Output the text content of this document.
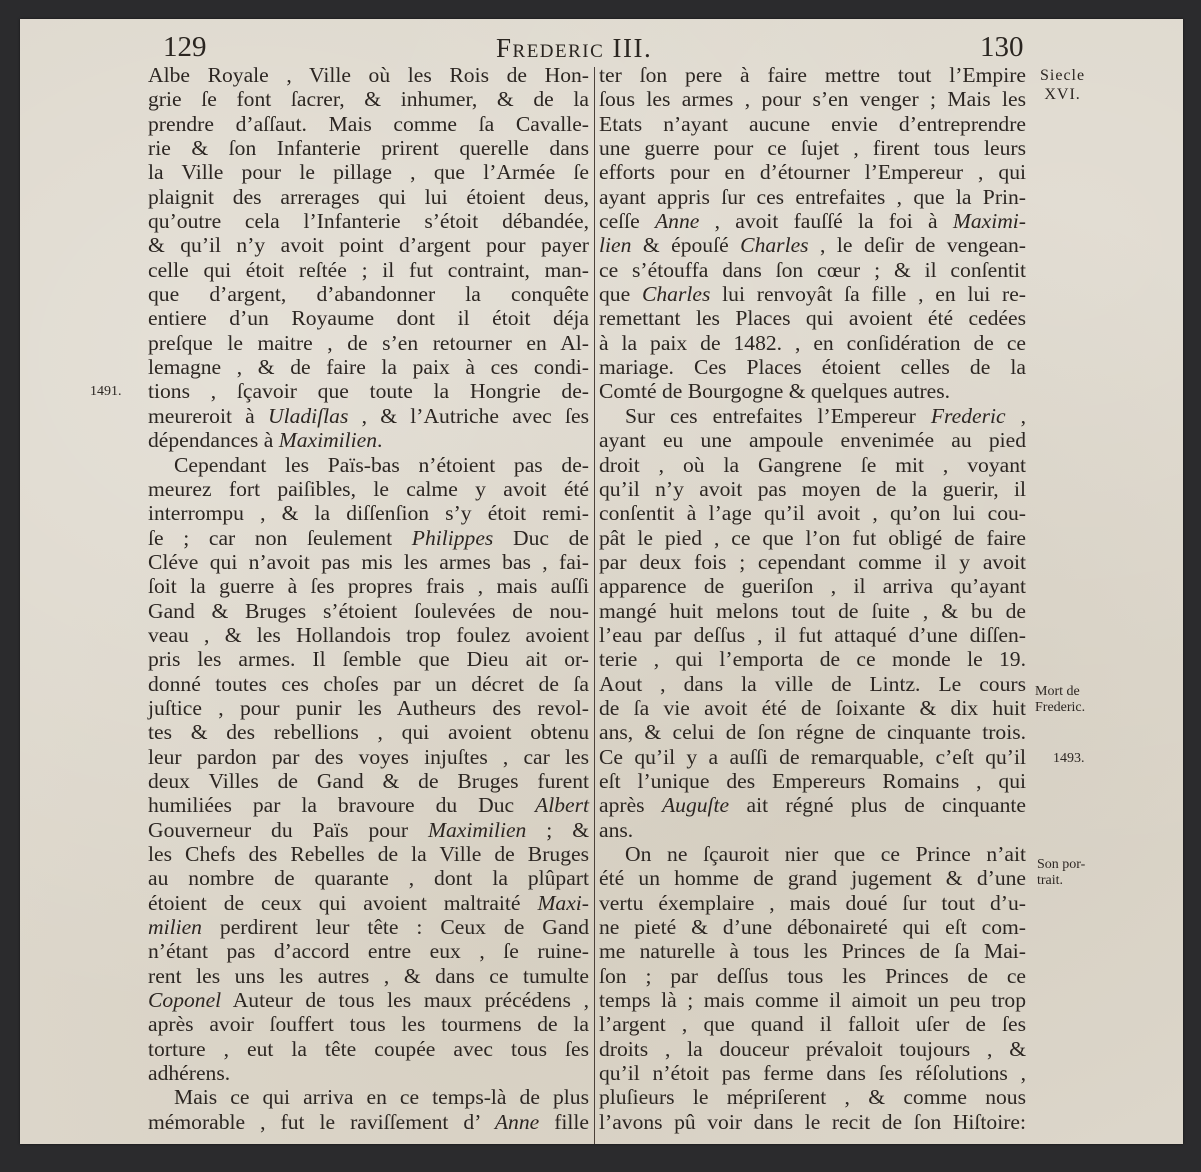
129	Frederic III.	130
Albe Royale , Ville où les Rois de Hon-
grie ſe font ſacrer, & inhumer, & de la
prendre d’aſſaut. Mais comme ſa Cavalle-
rie & ſon Infanterie prirent querelle dans
la Ville pour le pillage , que l’Armée ſe
plaignit des arrerages qui lui étoient deus,
qu’outre cela l’Infanterie s’étoit débandée,
& qu’il n’y avoit point d’argent pour payer
celle qui étoit reſtée ; il fut contraint, man-
que d’argent, d’abandonner la conquête
entiere d’un Royaume dont il étoit déja
preſque le maitre , de s’en retourner en Al-
lemagne , & de faire la paix à ces condi-
tions , ſçavoir que toute la Hongrie de-
meureroit à Uladiſlas , & l’Autriche avec ſes
dépendances à Maximilien.
Cependant les Païs-bas n’étoient pas de-
meurez fort paiſibles, le calme y avoit été
interrompu , & la diſſenſion s’y étoit remi-
ſe ; car non ſeulement Philippes Duc de
Cléve qui n’avoit pas mis les armes bas , fai-
ſoit la guerre à ſes propres frais , mais auſſi
Gand & Bruges s’étoient ſoulevées de nou-
veau , & les Hollandois trop foulez avoient
pris les armes. Il ſemble que Dieu ait or-
donné toutes ces choſes par un décret de ſa
juſtice , pour punir les Autheurs des revol-
tes & des rebellions , qui avoient obtenu
leur pardon par des voyes injuſtes , car les
deux Villes de Gand & de Bruges furent
humiliées par la bravoure du Duc Albert
Gouverneur du Païs pour Maximilien ; &
les Chefs des Rebelles de la Ville de Bruges
au nombre de quarante , dont la plûpart
étoient de ceux qui avoient maltraité Maxi-
milien perdirent leur tête : Ceux de Gand
n’étant pas d’accord entre eux , ſe ruine-
rent les uns les autres , & dans ce tumulte
Coponel Auteur de tous les maux précédens ,
après avoir ſouffert tous les tourmens de la
torture , eut la tête coupée avec tous ſes
adhérens.
Mais ce qui arriva en ce temps-là de plus
mémorable , fut le raviſſement d’ Anne fille
ter ſon pere à faire mettre tout l’Empire
ſous les armes , pour s’en venger ; Mais les
Etats n’ayant aucune envie d’entreprendre
une guerre pour ce ſujet , firent tous leurs
efforts pour en d’étourner l’Empereur , qui
ayant appris ſur ces entrefaites , que la Prin-
ceſſe Anne , avoit fauſſé la foi à Maximi-
lien & épouſé Charles , le deſir de vengean-
ce s’étouffa dans ſon cœur ; & il conſentit
que Charles lui renvoyât ſa fille , en lui re-
remettant les Places qui avoient été cedées
à la paix de 1482. , en conſidération de ce
mariage. Ces Places étoient celles de la
Comté de Bourgogne & quelques autres.
Sur ces entrefaites l’Empereur Frederic ,
ayant eu une ampoule envenimée au pied
droit , où la Gangrene ſe mit , voyant
qu’il n’y avoit pas moyen de la guerir, il
conſentit à l’age qu’il avoit , qu’on lui cou-
pât le pied , ce que l’on fut obligé de faire
par deux fois ; cependant comme il y avoit
apparence de gueriſon , il arriva qu’ayant
mangé huit melons tout de ſuite , & bu de
l’eau par deſſus , il fut attaqué d’une diſſen-
terie , qui l’emporta de ce monde le 19.
Aout , dans la ville de Lintz. Le cours
de ſa vie avoit été de ſoixante & dix huit
ans, & celui de ſon régne de cinquante trois.
Ce qu’il y a auſſi de remarquable, c’eſt qu’il
eſt l’unique des Empereurs Romains , qui
après Auguſte ait régné plus de cinquante
ans.
On ne ſçauroit nier que ce Prince n’ait
été un homme de grand jugement & d’une
vertu éxemplaire , mais doué ſur tout d’u-
ne pieté & d’une débonaireté qui eſt com-
me naturelle à tous les Princes de ſa Mai-
ſon ; par deſſus tous les Princes de ce
temps là ; mais comme il aimoit un peu trop
l’argent , que quand il falloit uſer de ſes
droits , la douceur prévaloit toujours , &
qu’il n’étoit pas ferme dans ſes réſolutions ,
pluſieurs le mépriſerent , & comme nous
l’avons pû voir dans le recit de ſon Hiſtoire:
Siecle
XVI.
1491.
Mort de
Frederic.
1493.
Son por-
trait.
